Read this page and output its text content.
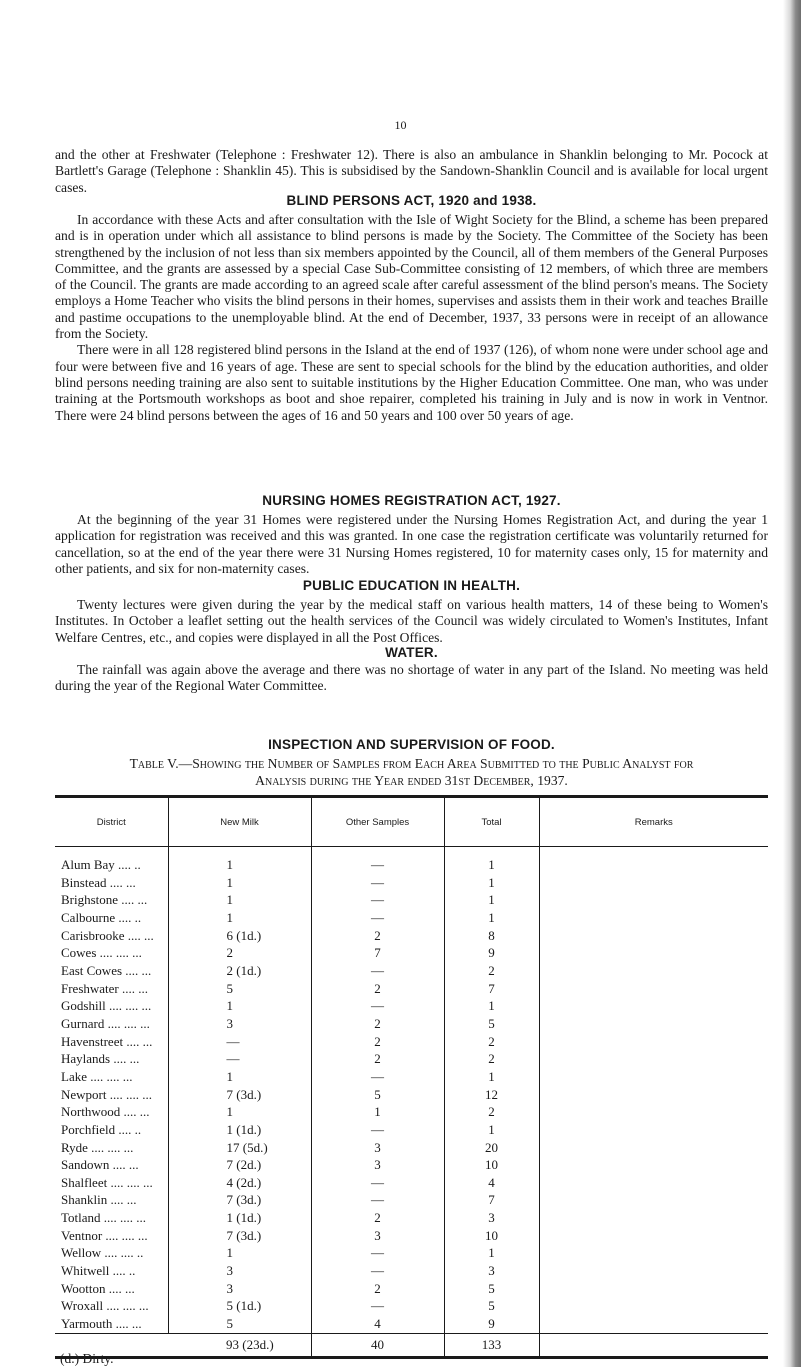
10

and the other at Freshwater (Telephone : Freshwater 12). There is also an ambulance in Shanklin belonging to Mr. Pocock at Bartlett's Garage (Telephone : Shanklin 45). This is subsidised by the Sandown-Shanklin Council and is available for local urgent cases.

BLIND PERSONS ACT, 1920 and 1938.

In accordance with these Acts and after consultation with the Isle of Wight Society for the Blind, a scheme has been prepared and is in operation under which all assistance to blind persons is made by the Society. The Committee of the Society has been strengthened by the inclusion of not less than six members appointed by the Council, all of them members of the General Purposes Committee, and the grants are assessed by a special Case Sub-Committee consisting of 12 members, of which three are members of the Council. The grants are made according to an agreed scale after careful assessment of the blind person's means. The Society employs a Home Teacher who visits the blind persons in their homes, supervises and assists them in their work and teaches Braille and pastime occupations to the unemployable blind. At the end of December, 1937, 33 persons were in receipt of an allowance from the Society.

There were in all 128 registered blind persons in the Island at the end of 1937 (126), of whom none were under school age and four were between five and 16 years of age. These are sent to special schools for the blind by the education authorities, and older blind persons needing training are also sent to suitable institutions by the Higher Education Committee. One man, who was under training at the Portsmouth workshops as boot and shoe repairer, completed his training in July and is now in work in Ventnor. There were 24 blind persons between the ages of 16 and 50 years and 100 over 50 years of age.

NURSING HOMES REGISTRATION ACT, 1927.

At the beginning of the year 31 Homes were registered under the Nursing Homes Registration Act, and during the year 1 application for registration was received and this was granted. In one case the registration certificate was voluntarily returned for cancellation, so at the end of the year there were 31 Nursing Homes registered, 10 for maternity cases only, 15 for maternity and other patients, and six for non-maternity cases.

PUBLIC EDUCATION IN HEALTH.

Twenty lectures were given during the year by the medical staff on various health matters, 14 of these being to Women's Institutes. In October a leaflet setting out the health services of the Council was widely circulated to Women's Institutes, Infant Welfare Centres, etc., and copies were displayed in all the Post Offices.

WATER.

The rainfall was again above the average and there was no shortage of water in any part of the Island. No meeting was held during the year of the Regional Water Committee.

INSPECTION AND SUPERVISION OF FOOD.
Table V.—Showing the Number of Samples from Each Area Submitted to the Public Analyst for
Analysis during the Year ended 31st December, 1937.
District	New Milk	Other Samples	Total	Remarks
Alum Bay .... ..	1	—	1	
Binstead .... ...	1	—	1	
Brighstone .... ...	1	—	1	
Calbourne .... ..	1	—	1	
Carisbrooke .... ...	6 (1d.)	2	8	
Cowes .... .... ...	2	7	9	
East Cowes .... ...	2 (1d.)	—	2	
Freshwater .... ...	5	2	7	
Godshill .... .... ...	1	—	1	
Gurnard .... .... ...	3	2	5	
Havenstreet .... ...	—	2	2	
Haylands .... ...	—	2	2	
Lake .... .... ...	1	—	1	
Newport .... .... ...	7 (3d.)	5	12	
Northwood .... ...	1	1	2	
Porchfield .... ..	1 (1d.)	—	1	
Ryde .... .... ...	17 (5d.)	3	20	
Sandown .... ...	7 (2d.)	3	10	
Shalfleet .... .... ...	4 (2d.)	—	4	
Shanklin .... ...	7 (3d.)	—	7	
Totland .... .... ...	1 (1d.)	2	3	
Ventnor .... .... ...	7 (3d.)	3	10	
Wellow .... .... ..	1	—	1	
Whitwell .... ..	3	—	3	
Wootton .... ...	3	2	5	
Wroxall .... .... ...	5 (1d.)	—	5	
Yarmouth .... ...	5	4	9	
	93 (23d.)	40	133	
(d.) Dirty.
